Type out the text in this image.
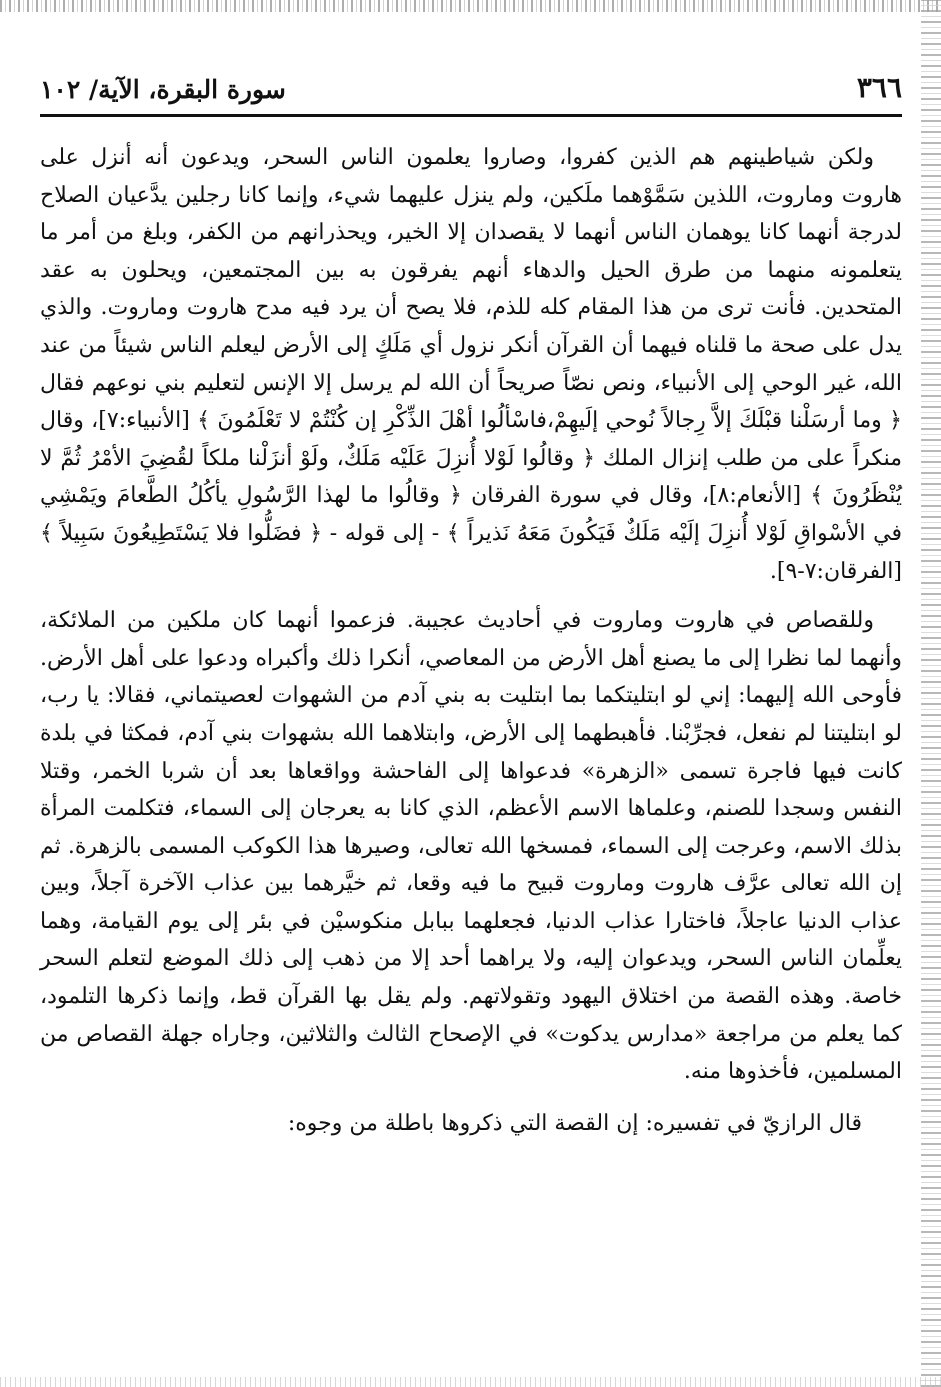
٣٦٦
سورة البقرة، الآية/ ١٠٢

ولكن شياطينهم هم الذين كفروا، وصاروا يعلمون الناس السحر، ويدعون أنه أنزل على هاروت وماروت، اللذين سَمَّوْهما ملَكين، ولم ينزل عليهما شيء، وإنما كانا رجلين يدَّعيان الصلاح لدرجة أنهما كانا يوهمان الناس أنهما لا يقصدان إلا الخير، ويحذرانهم من الكفر، وبلغ من أمر ما يتعلمونه منهما من طرق الحيل والدهاء أنهم يفرقون به بين المجتمعين، ويحلون به عقد المتحدين. فأنت ترى من هذا المقام كله للذم، فلا يصح أن يرد فيه مدح هاروت وماروت. والذي يدل على صحة ما قلناه فيهما أن القرآن أنكر نزول أي مَلَكٍ إلى الأرض ليعلم الناس شيئاً من عند الله، غير الوحي إلى الأنبياء، ونص نصّاً صريحاً أن الله لم يرسل إلا الإنس لتعليم بني نوعهم فقال ﴿ وما أرسَلْنا قبْلَكَ إلاَّ رِجالاً نُوحي إلَيهِمْ،فاسْألُوا أهْلَ الذِّكْرِ إن كُنْتُمْ لا تَعْلَمُونَ ﴾ [الأنبياء:٧]، وقال منكراً على من طلب إنزال الملك ﴿ وقالُوا لَوْلا أُنزِلَ عَلَيْه مَلَكٌ، ولَوْ أنزَلْنا ملكاً لقُضِيَ الأمْرُ ثُمَّ لا يُنْظَرُونَ ﴾ [الأنعام:٨]، وقال في سورة الفرقان ﴿ وقالُوا ما لهذا الرَّسُولِ يأكُلُ الطَّعامَ ويَمْشِي في الأسْواقِ لَوْلا أُنزِلَ إلَيْه مَلَكٌ فَيَكُونَ مَعَهُ نَذيراً ﴾ - إلى قوله - ﴿ فضَلُّوا فلا يَسْتَطِيعُونَ سَبِيلاً ﴾ [الفرقان:٧-٩].

وللقصاص في هاروت وماروت في أحاديث عجيبة. فزعموا أنهما كان ملكين من الملائكة، وأنهما لما نظرا إلى ما يصنع أهل الأرض من المعاصي، أنكرا ذلك وأكبراه ودعوا على أهل الأرض. فأوحى الله إليهما: إني لو ابتليتكما بما ابتليت به بني آدم من الشهوات لعصيتماني، فقالا: يا رب، لو ابتليتنا لم نفعل، فجرِّبْنا. فأهبطهما إلى الأرض، وابتلاهما الله بشهوات بني آدم، فمكثا في بلدة كانت فيها فاجرة تسمى «الزهرة» فدعواها إلى الفاحشة وواقعاها بعد أن شربا الخمر، وقتلا النفس وسجدا للصنم، وعلماها الاسم الأعظم، الذي كانا به يعرجان إلى السماء، فتكلمت المرأة بذلك الاسم، وعرجت إلى السماء، فمسخها الله تعالى، وصيرها هذا الكوكب المسمى بالزهرة. ثم إن الله تعالى عرَّف هاروت وماروت قبيح ما فيه وقعا، ثم خيَّرهما بين عذاب الآخرة آجلاً، وبين عذاب الدنيا عاجلاً، فاختارا عذاب الدنيا، فجعلهما ببابل منكوسيْن في بئر إلى يوم القيامة، وهما يعلِّمان الناس السحر، ويدعوان إليه، ولا يراهما أحد إلا من ذهب إلى ذلك الموضع لتعلم السحر خاصة. وهذه القصة من اختلاق اليهود وتقولاتهم. ولم يقل بها القرآن قط، وإنما ذكرها التلمود، كما يعلم من مراجعة «مدارس يدكوت» في الإصحاح الثالث والثلاثين، وجاراه جهلة القصاص من المسلمين، فأخذوها منه.

قال الرازيّ في تفسيره: إن القصة التي ذكروها باطلة من وجوه:
